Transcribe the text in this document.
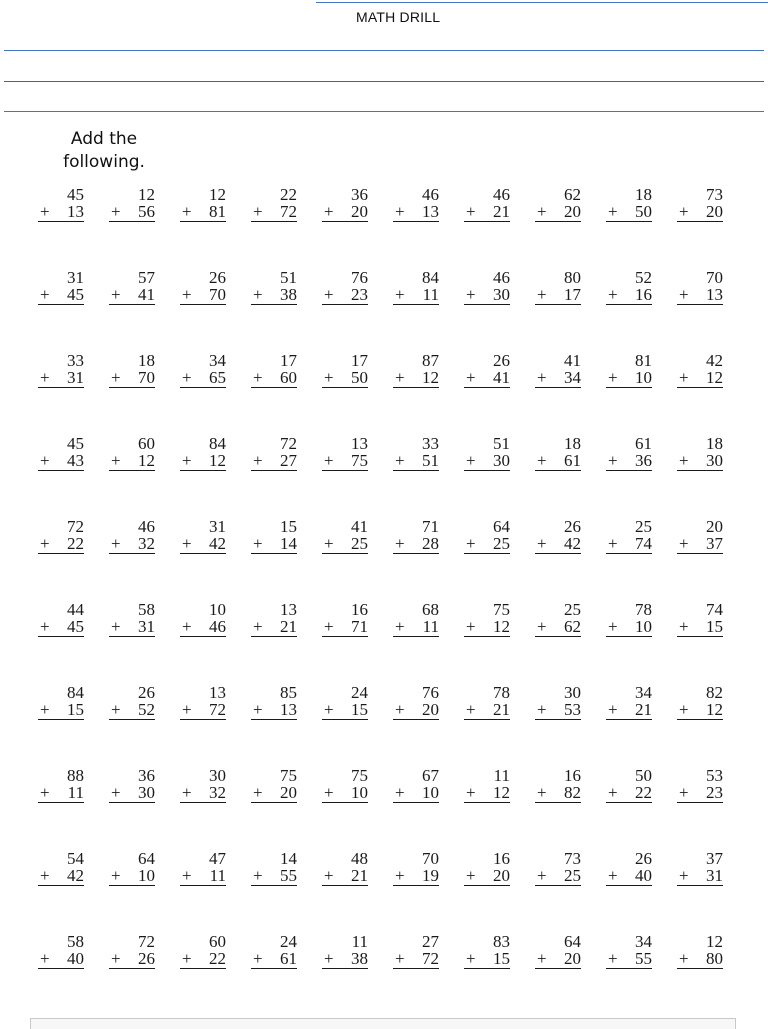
MATH DRILL
Add the following.
45
+ 13
12
+ 56
12
+ 81
22
+ 72
36
+ 20
46
+ 13
46
+ 21
62
+ 20
18
+ 50
73
+ 20
31
+ 45
57
+ 41
26
+ 70
51
+ 38
76
+ 23
84
+ 11
46
+ 30
80
+ 17
52
+ 16
70
+ 13
33
+ 31
18
+ 70
34
+ 65
17
+ 60
17
+ 50
87
+ 12
26
+ 41
41
+ 34
81
+ 10
42
+ 12
45
+ 43
60
+ 12
84
+ 12
72
+ 27
13
+ 75
33
+ 51
51
+ 30
18
+ 61
61
+ 36
18
+ 30
72
+ 22
46
+ 32
31
+ 42
15
+ 14
41
+ 25
71
+ 28
64
+ 25
26
+ 42
25
+ 74
20
+ 37
44
+ 45
58
+ 31
10
+ 46
13
+ 21
16
+ 71
68
+ 11
75
+ 12
25
+ 62
78
+ 10
74
+ 15
84
+ 15
26
+ 52
13
+ 72
85
+ 13
24
+ 15
76
+ 20
78
+ 21
30
+ 53
34
+ 21
82
+ 12
88
+ 11
36
+ 30
30
+ 32
75
+ 20
75
+ 10
67
+ 10
11
+ 12
16
+ 82
50
+ 22
53
+ 23
54
+ 42
64
+ 10
47
+ 11
14
+ 55
48
+ 21
70
+ 19
16
+ 20
73
+ 25
26
+ 40
37
+ 31
58
+ 40
72
+ 26
60
+ 22
24
+ 61
11
+ 38
27
+ 72
83
+ 15
64
+ 20
34
+ 55
12
+ 80
